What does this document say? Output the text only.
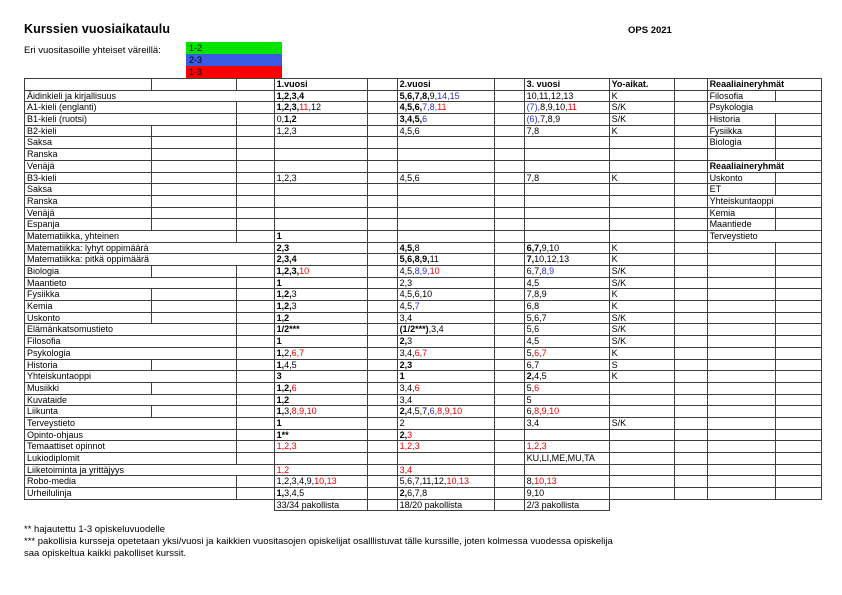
Kurssien vuosiaikataulu	OPS 2021
Eri vuositasoille yhteiset väreillä:	1-2
2-3
1-3
			1.vuosi		2.vuosi		3. vuosi	Yo-aikat.		Reaaliaineryhmät	
Äidinkieli ja kirjallisuus			1,2,3,4		5,6,7,8,9,14,15		10,11,12,13	K		Filosofia	
A1-kieli (englanti)			1,2,3,11,12		4,5,6,7,8,11		(7),8,9,10,11	S/K		Psykologia	
B1-kieli (ruotsi)			0,1,2		3,4,5,6		(6),7,8,9	S/K		Historia	
B2-kieli			1,2,3		4,5,6		7,8	K		Fysiikka	
Saksa										Biologia	
Ranska											
Venäjä										Reaaliaineryhmät	
B3-kieli			1,2,3		4,5,6		7,8	K		Uskonto	
Saksa										ET	
Ranska										Yhteiskuntaoppi	
Venäjä										Kemia	
Espanja										Maantiede	
Matematiikka, yhteinen			1							Terveystieto	
Matematiikka: lyhyt oppimäärä			2,3		4,5,8		6,7,9,10	K			
Matematiikka: pitkä oppimäärä			2,3,4		5,6,8,9,11		7,10,12,13	K			
Biologia			1,2,3,10		4,5,8,9,10		6,7,8,9	S/K			
Maantieto			1		2,3		4,5	S/K			
Fysiikka			1,2,3		4,5,6,10		7,8,9	K			
Kemia			1,2,3		4,5,7		6,8	K			
Uskonto			1,2		3,4		5,6,7	S/K			
Elämänkatsomustieto			1/2***		(1/2***),3,4		5,6	S/K			
Filosofia			1		2,3		4,5	S/K			
Psykologia			1,2,6,7		3,4,6,7		5,6,7	K			
Historia			1,4,5		2,3		6,7	S			
Yhteiskuntaoppi			3		1		2,4,5	K			
Musiikki			1,2,6		3,4,6		5,6				
Kuvataide			1,2		3,4		5				
Liikunta			1,3,8,9,10		2,4,5,7,6,8,9,10		6,8,9,10				
Terveystieto			1		2		3,4	S/K			
Opinto-ohjaus			1**		2,3						
Temaattiset opinnot			1,2,3		1,2,3		1,2,3				
Lukiodiplomit							KU,LI,ME,MU,TA				
Liiketoiminta ja yrittäjyys			1,2		3,4						
Robo-media			1,2,3,4,9,10,13		5,6,7,11,12,10,13		8,10,13				
Urheilulinja			1,3,4,5		2,6,7,8		9,10				
			33/34 pakollista		18/20 pakollista		2/3 pakollista				
** hajautettu 1-3 opiskeluvuodelle
*** pakollisia kursseja opetetaan yksi/vuosi ja kaikkien vuositasojen opiskelijat osalllistuvat tälle kurssille, joten kolmessa vuodessa opiskelija
saa opiskeltua kaikki pakolliset kurssit.
